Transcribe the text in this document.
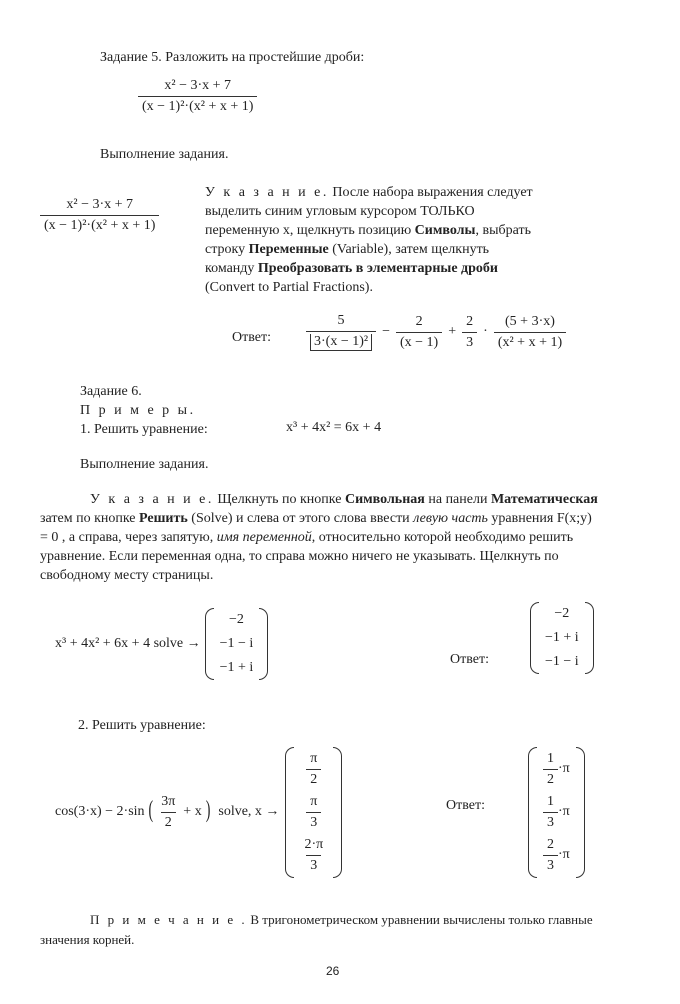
Задание 5. Разложить на простейшие дроби:
$\frac{\text{x² − 3·x + 7}}{\text{(x − 1)²·(x² + x + 1)}}$
Выполнение задания.
$\frac{\text{x² − 3·x + 7}}{\text{(x − 1)²·(x² + x + 1)}}$
У к а з а н и е. После набора выражения следует
выделить синим угловым курсором ТОЛЬКО
переменную x, щелкнуть позицию Символы, выбрать
строку Переменные (Variable), затем щелкнуть
команду Преобразовать в элементарные дроби
(Convert to Partial Fractions).
Ответ:	$\frac{5}{\text{3·(x − 1)²}} - \frac{2}{(x - 1)} + \frac{2}{3} \cdot \frac{(5 + 3\cdot x)}{\text{(x² + x + 1)}}$
Задание 6.
П р и м е р ы.
1. Решить уравнение:	x³ + 4x² = 6x + 4
Выполнение задания.
У к а з а н и е. Щелкнуть по кнопке Символьная на панели Математическая затем по кнопке Решить (Solve) и слева от этого слова ввести левую часть уравнения F(x;y) = 0 , а справа, через запятую, имя переменной, относительно которой необходимо решить уравнение. Если переменная одна, то справа можно ничего не указывать. Щелкнуть по свободному месту страницы.
x³ + 4x² + 6x + 4 solve →
−2
−1 − i
−1 + i
Ответ:
−2
−1 + i
−1 − i
2. Решить уравнение:
cos(3·x) − 2·sin ( $\frac{3\pi}{2} + x$ ) solve, x →
$\frac{\pi}{2}$
$\frac{\pi}{3}$
$\frac{2\cdot\pi}{3}$
Ответ:
$\frac{1}{2} \cdot\pi$
$\frac{1}{3} \cdot\pi$
$\frac{2}{3} \cdot\pi$
П р и м е ч а н и е . В тригонометрическом уравнении вычислены только главные
значения корней.
26
